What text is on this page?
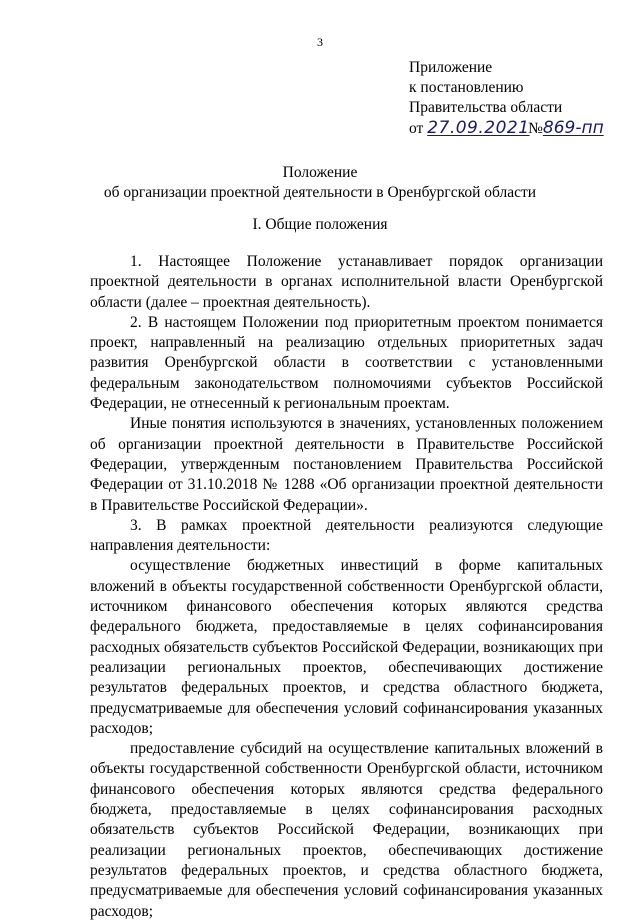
3
Приложение
к постановлению
Правительства области
от 27.09.2021 №869-пп
Положение
об организации проектной деятельности в Оренбургской области
I. Общие положения

1. Настоящее Положение устанавливает порядок организации проектной деятельности в органах исполнительной власти Оренбургской области (далее – проектная деятельность).

2. В настоящем Положении под приоритетным проектом понимается проект, направленный на реализацию отдельных приоритетных задач развития Оренбургской области в соответствии с установленными федеральным законодательством полномочиями субъектов Российской Федерации, не отнесенный к региональным проектам.

Иные понятия используются в значениях, установленных положением об организации проектной деятельности в Правительстве Российской Федерации, утвержденным постановлением Правительства Российской Федерации от 31.10.2018 № 1288 «Об организации проектной деятельности в Правительстве Российской Федерации».

3. В рамках проектной деятельности реализуются следующие направления деятельности:

осуществление бюджетных инвестиций в форме капитальных вложений в объекты государственной собственности Оренбургской области, источником финансового обеспечения которых являются средства федерального бюджета, предоставляемые в целях софинансирования расходных обязательств субъектов Российской Федерации, возникающих при реализации региональных проектов, обеспечивающих достижение результатов федеральных проектов, и средства областного бюджета, предусматриваемые для обеспечения условий софинансирования указанных расходов;

предоставление субсидий на осуществление капитальных вложений в объекты государственной собственности Оренбургской области, источником финансового обеспечения которых являются средства федерального бюджета, предоставляемые в целях софинансирования расходных обязательств субъектов Российской Федерации, возникающих при реализации региональных проектов, обеспечивающих достижение результатов федеральных проектов, и средства областного бюджета, предусматриваемые для обеспечения условий софинансирования указанных расходов;
